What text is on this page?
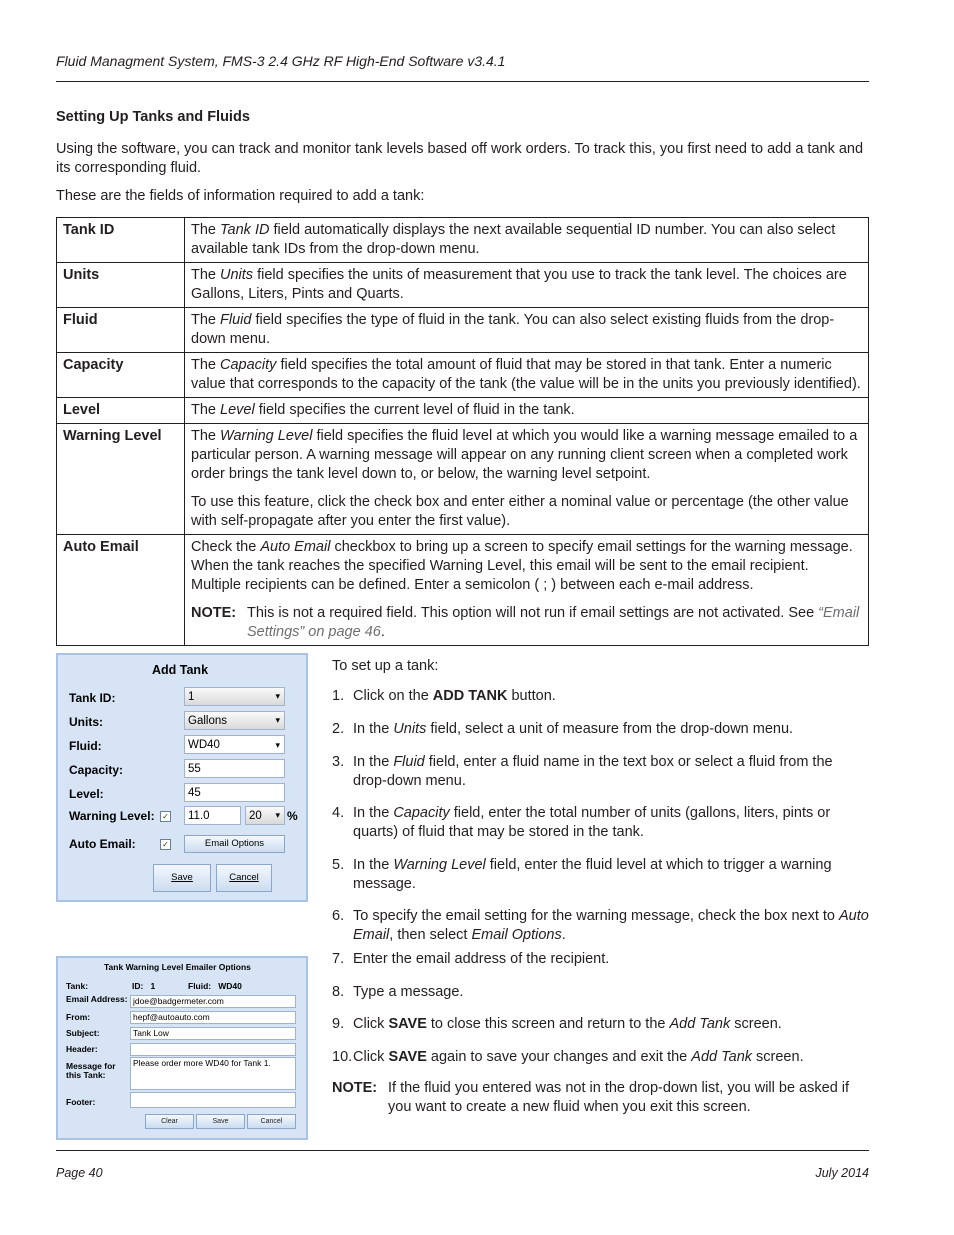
Fluid Managment System, FMS-3 2.4 GHz RF High-End Software v3.4.1
Setting Up Tanks and Fluids
Using the software, you can track and monitor tank levels based off work orders. To track this, you first need to add a tank and its corresponding fluid.
These are the fields of information required to add a tank:
Tank ID	The Tank ID field automatically displays the next available sequential ID number. You can also select available tank IDs from the drop-down menu.
Units	The Units field specifies the units of measurement that you use to track the tank level. The choices are Gallons, Liters, Pints and Quarts.
Fluid	The Fluid field specifies the type of fluid in the tank. You can also select existing fluids from the drop-down menu.
Capacity	The Capacity field specifies the total amount of fluid that may be stored in that tank. Enter a numeric value that corresponds to the capacity of the tank (the value will be in the units you previously identified).
Level	The Level field specifies the current level of fluid in the tank.
Warning Level	The Warning Level field specifies the fluid level at which you would like a warning message emailed to a particular person. A warning message will appear on any running client screen when a completed work order brings the tank level down to, or below, the warning level setpoint.

To use this feature, click the check box and enter either a nominal value or percentage (the other value with self-propagate after you enter the first value).

Auto Email	Check the Auto Email checkbox to bring up a screen to specify email settings for the warning message. When the tank reaches the specified Warning Level, this email will be sent to the email recipient. Multiple recipients can be defined. Enter a semicolon ( ; ) between each e-mail address.

NOTE: This is not a required field. This option will not run if email settings are not activated. See “Email Settings” on page 46.
Add Tank
Tank ID:	1	▾
Units:	Gallons	▾
Fluid:	WD40	▾
Capacity:	55
Level:	45
Warning Level: ✓	11.0	20 ▾ %
Auto Email:	✓	Email Options
Save	Cancel
Tank Warning Level Emailer Options
Tank:	ID: 1	Fluid: WD40
Email Address: jdoe@badgermeter.com
From:	hepf@autoauto.com
Subject:	Tank Low
Header:
Message for this Tank:
Please order more WD40 for Tank 1.
Footer:
Clear	Save	Cancel
To set up a tank:
1. Click on the ADD TANK button.
2. In the Units field, select a unit of measure from the drop-down menu.
3. In the Fluid field, enter a fluid name in the text box or select a fluid from the drop-down menu.
4. In the Capacity field, enter the total number of units (gallons, liters, pints or quarts) of fluid that may be stored in the tank.
5. In the Warning Level field, enter the fluid level at which to trigger a warning message.
6. To specify the email setting for the warning message, check the box next to Auto Email, then select Email Options.
7. Enter the email address of the recipient.
8. Type a message.
9. Click SAVE to close this screen and return to the Add Tank screen.
10. Click SAVE again to save your changes and exit the Add Tank screen.
NOTE: If the fluid you entered was not in the drop-down list, you will be asked if you want to create a new fluid when you exit this screen.
Page 40	July 2014
